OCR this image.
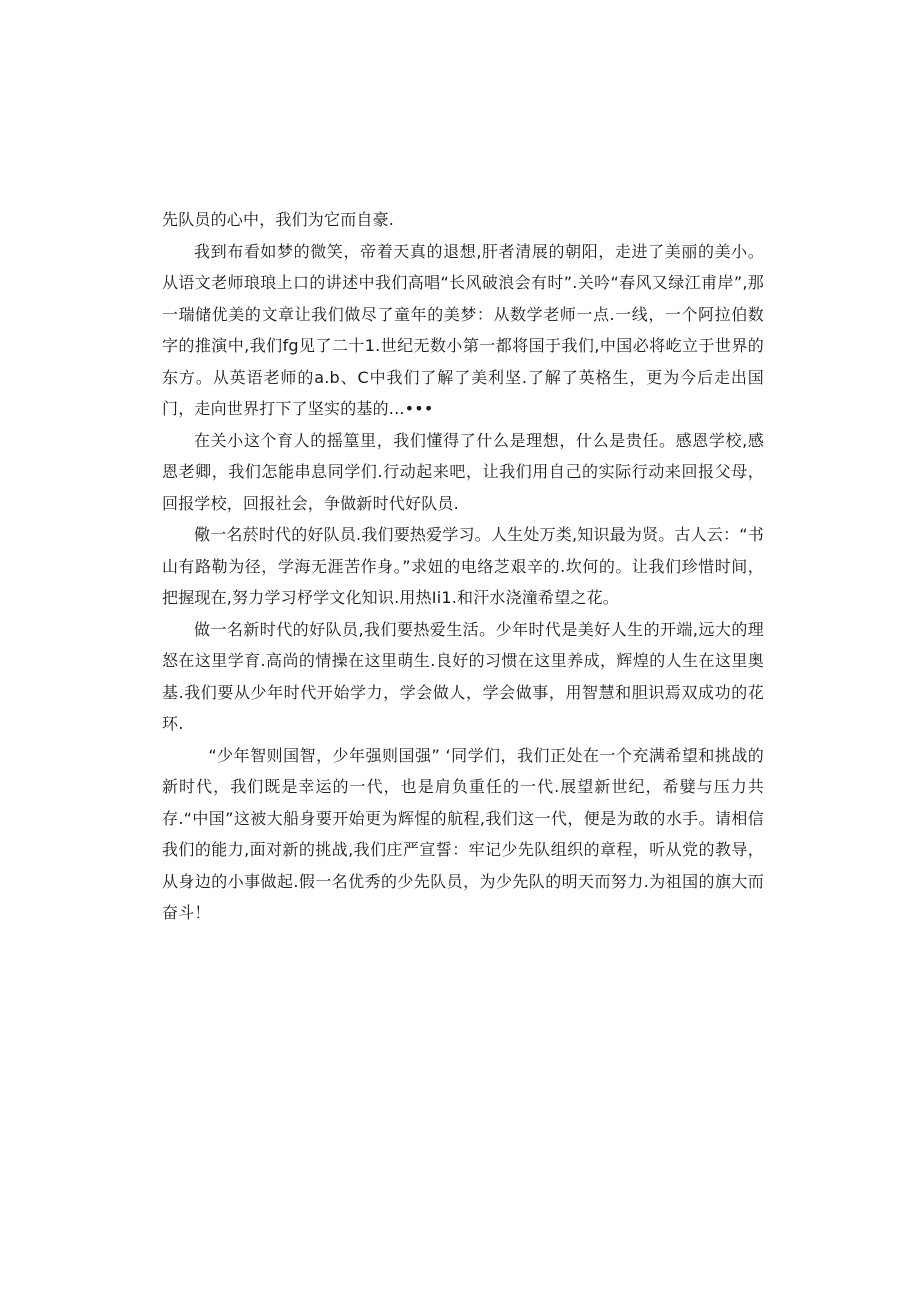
先队员的心中，我们为它而自豪.

我到布看如梦的微笑，帝着天真的退想,肝者清展的朝阳，走进了美丽的美小。从语文老师琅琅上口的讲述中我们高唱“长风破浪会有时”.关吟“春风又绿江甫岸”,那一瑞储优美的文章让我们做尽了童年的美梦：从数学老师一点.一线，一个阿拉伯数字的推演中,我们fg见了二十1.世纪无数小第一都将国于我们,中国必将屹立于世界的东方。从英语老师的a.b、C中我们了解了美利坚.了解了英格生，更为今后走出国门，走向世界打下了坚实的基的...•••

在关小这个育人的摇篁里，我们懂得了什么是理想，什么是贵任。感恩学校,感恩老卿，我们怎能串息同学们.行动起来吧，让我们用自己的实际行动来回报父母，回报学校，回报社会，争做新时代好队员.

儆一名菸时代的好队员.我们要热爱学习。人生处万类,知识最为贤。古人云：“书山有路勒为径，学海无涯苦作身。”求妞的电络芝艰辛的.坎何的。让我们珍惜时间，把握现在,努力学习杼学文化知识.用热Ii1.和汗水浇潼希望之花。

做一名新时代的好队员,我们要热爱生活。少年时代是美好人生的开端,远大的理怒在这里学育.高尚的情操在这里萌生.良好的习惯在这里养成，辉煌的人生在这里奥基.我们要从少年时代开始学力，学会做人，学会做事，用智慧和胆识焉双成功的花环.

“少年智则国智，少年强则国强” ‘同学们，我们正处在一个充满希望和挑战的新时代，我们既是幸运的一代，也是肩负重任的一代.展望新世纪，希嬖与压力共存.“中国”这被大船身要开始更为辉惺的航程,我们这一代，便是为敢的水手。请相信我们的能力,面对新的挑战,我们庄严宣誓：牢记少先队组织的章程，听从党的教导，从身边的小事做起.假一名优秀的少先队员，为少先队的明天而努力.为祖国的旗大而奋斗！
